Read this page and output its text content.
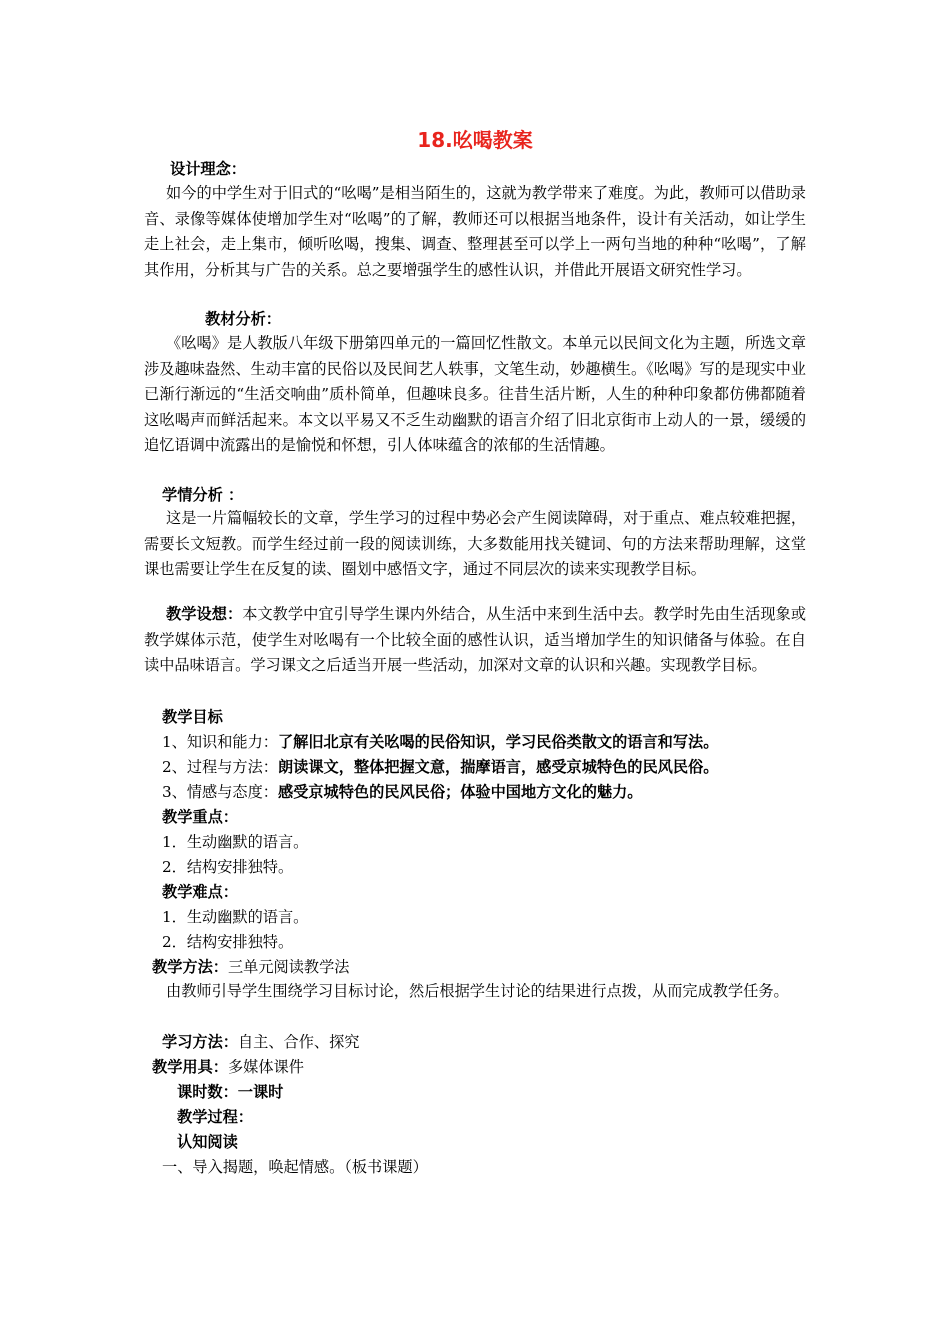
18.吆喝教案
设计理念：
如今的中学生对于旧式的“吆喝”是相当陌生的，这就为教学带来了难度。为此，教师可以借助录音、录像等媒体使增加学生对“吆喝”的了解，教师还可以根据当地条件，设计有关活动，如让学生走上社会，走上集市，倾听吆喝，搜集、调查、整理甚至可以学上一两句当地的种种“吆喝”，了解其作用，分析其与广告的关系。总之要增强学生的感性认识，并借此开展语文研究性学习。
教材分析：
《吆喝》是人教版八年级下册第四单元的一篇回忆性散文。本单元以民间文化为主题，所选文章涉及趣味盎然、生动丰富的民俗以及民间艺人轶事，文笔生动，妙趣横生。《吆喝》写的是现实中业已渐行渐远的“生活交响曲”质朴简单，但趣味良多。往昔生活片断，人生的种种印象都仿佛都随着这吆喝声而鲜活起来。本文以平易又不乏生动幽默的语言介绍了旧北京街市上动人的一景，缓缓的追忆语调中流露出的是愉悦和怀想，引人体味蕴含的浓郁的生活情趣。
学情分析 ：
这是一片篇幅较长的文章，学生学习的过程中势必会产生阅读障碍，对于重点、难点较难把握，需要长文短教。而学生经过前一段的阅读训练，大多数能用找关键词、句的方法来帮助理解，这堂课也需要让学生在反复的读、圈划中感悟文字，通过不同层次的读来实现教学目标。
教学设想：本文教学中宜引导学生课内外结合，从生活中来到生活中去。教学时先由生活现象或教学媒体示范，使学生对吆喝有一个比较全面的感性认识，适当增加学生的知识储备与体验。在自读中品味语言。学习课文之后适当开展一些活动，加深对文章的认识和兴趣。实现教学目标。
教学目标
1、知识和能力：了解旧北京有关吆喝的民俗知识，学习民俗类散文的语言和写法。
2、过程与方法：朗读课文，整体把握文意，揣摩语言，感受京城特色的民风民俗。
3、情感与态度：感受京城特色的民风民俗；体验中国地方文化的魅力。
教学重点：
1．生动幽默的语言。
2．结构安排独特。
教学难点：
1．生动幽默的语言。
2．结构安排独特。
教学方法：三单元阅读教学法
由教师引导学生围绕学习目标讨论，然后根据学生讨论的结果进行点拨，从而完成教学任务。
学习方法：自主、合作、探究
教学用具：多媒体课件
课时数：一课时
教学过程：
认知阅读
一、导入揭题，唤起情感。（板书课题）
